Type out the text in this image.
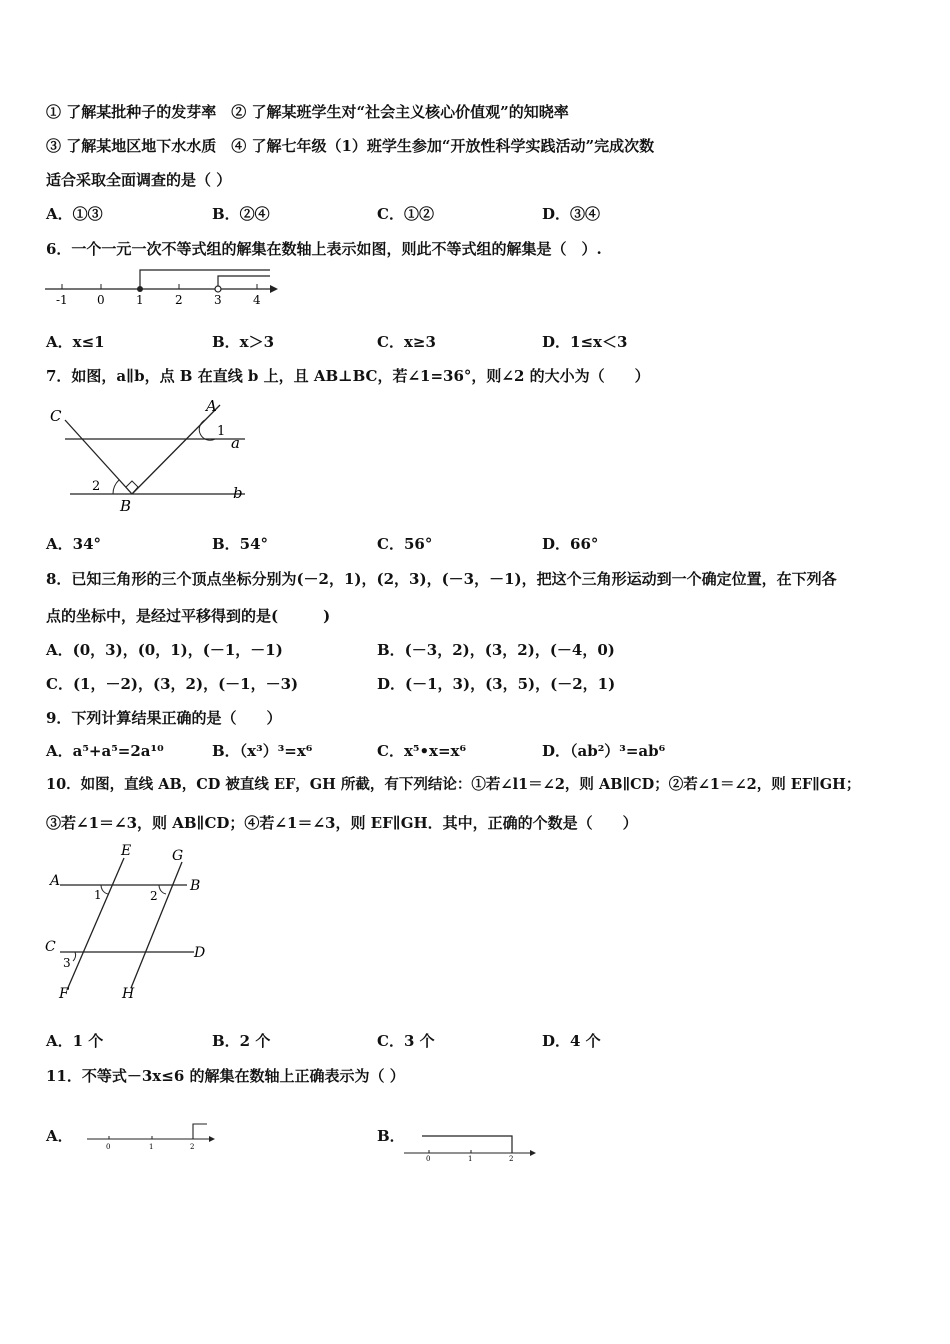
① 了解某批种子的发芽率　② 了解某班学生对“社会主义核心价值观”的知晓率
③ 了解某地区地下水水质　④ 了解七年级（1）班学生参加“开放性科学实践活动”完成次数
适合采取全面调查的是（ ）
A．①③	B．②④	C．①②	D．③④
6．一个一元一次不等式组的解集在数轴上表示如图，则此不等式组的解集是（　）.
-1 0	1	2	3	4
A．x≤1	B．x＞3	C．x≥3	D．1≤x＜3
7．如图，a∥b，点 B 在直线 b 上，且 AB⊥BC，若∠1=36°，则∠2 的大小为（　　）
C
A
1
a
2
B
b
A．34°	B．54°	C．56°	D．66°
8．已知三角形的三个顶点坐标分别为(－2，1)，(2，3)，(－3，－1)，把这个三角形运动到一个确定位置，在下列各
点的坐标中，是经过平移得到的是(　　　)
A．(0，3)，(0，1)，(－1，－1)	B．(－3，2)，(3，2)，(－4，0)
C．(1，－2)，(3，2)，(－1，－3)	D．(－1，3)，(3，5)，(－2，1)
9．下列计算结果正确的是（　　）
A．a⁵+a⁵=2a¹⁰	B．（x³）³=x⁶	C．x⁵•x=x⁶	D．（ab²）³=ab⁶
10．如图，直线 AB，CD 被直线 EF，GH 所截，有下列结论：①若∠l1＝∠2，则 AB∥CD；②若∠1＝∠2，则 EF∥GH；
③若∠1＝∠3，则 AB∥CD；④若∠1＝∠3，则 EF∥GH．其中，正确的个数是（　　）
E	G
A	B
1	2
C	D
3
F	H
A．1 个	B．2 个	C．3 个	D．4 个
11．不等式－3x≤6 的解集在数轴上正确表示为（ ）
A．
0	1	2
B．
0	1	2
